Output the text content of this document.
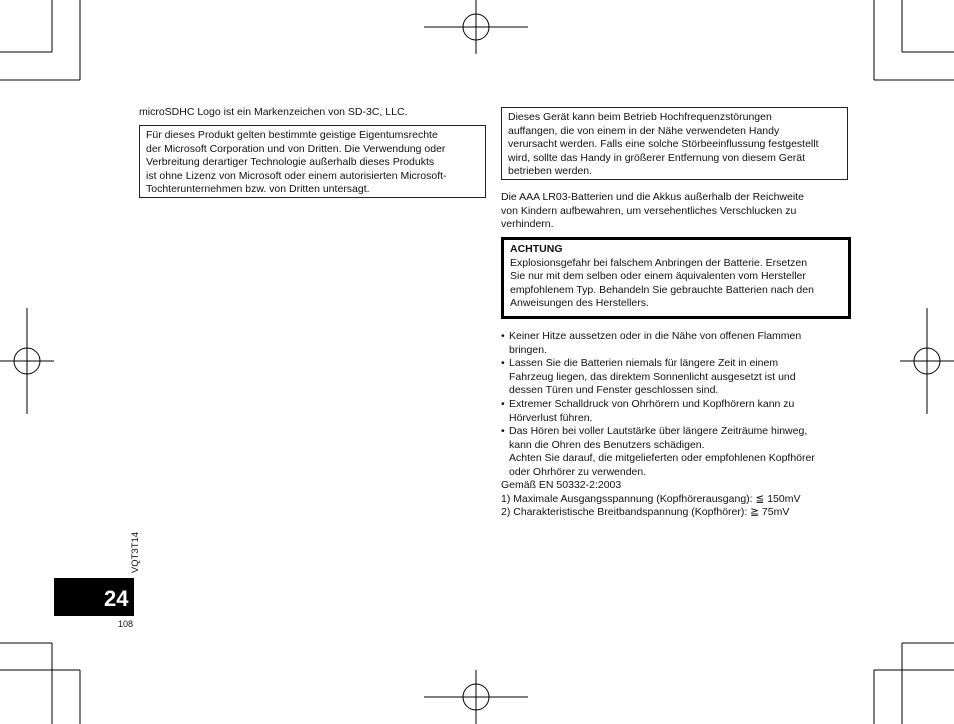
microSDHC Logo ist ein Markenzeichen von SD-3C, LLC.
Für dieses Produkt gelten bestimmte geistige Eigentumsrechte
der Microsoft Corporation und von Dritten. Die Verwendung oder
Verbreitung derartiger Technologie außerhalb dieses Produkts
ist ohne Lizenz von Microsoft oder einem autorisierten Microsoft-
Tochterunternehmen bzw. von Dritten untersagt.
Dieses Gerät kann beim Betrieb Hochfrequenzstörungen
auffangen, die von einem in der Nähe verwendeten Handy
verursacht werden. Falls eine solche Störbeeinflussung festgestellt
wird, sollte das Handy in größerer Entfernung von diesem Gerät
betrieben werden.
Die AAA LR03-Batterien und die Akkus außerhalb der Reichweite
von Kindern aufbewahren, um versehentliches Verschlucken zu
verhindern.
ACHTUNG
Explosionsgefahr bei falschem Anbringen der Batterie. Ersetzen
Sie nur mit dem selben oder einem äquivalenten vom Hersteller
empfohlenem Typ. Behandeln Sie gebrauchte Batterien nach den
Anweisungen des Herstellers.
• Keiner Hitze aussetzen oder in die Nähe von offenen Flammen
bringen.
• Lassen Sie die Batterien niemals für längere Zeit in einem
Fahrzeug liegen, das direktem Sonnenlicht ausgesetzt ist und
dessen Türen und Fenster geschlossen sind.
• Extremer Schalldruck von Ohrhörern und Kopfhörern kann zu
Hörverlust führen.
• Das Hören bei voller Lautstärke über längere Zeiträume hinweg,
kann die Ohren des Benutzers schädigen.
Achten Sie darauf, die mitgelieferten oder empfohlenen Kopfhörer
oder Ohrhörer zu verwenden.
Gemäß EN 50332-2:2003
1) Maximale Ausgangsspannung (Kopfhörerausgang): ≦ 150mV
2) Charakteristische Breitbandspannung (Kopfhörer): ≧ 75mV
VQT3T14
24
108
